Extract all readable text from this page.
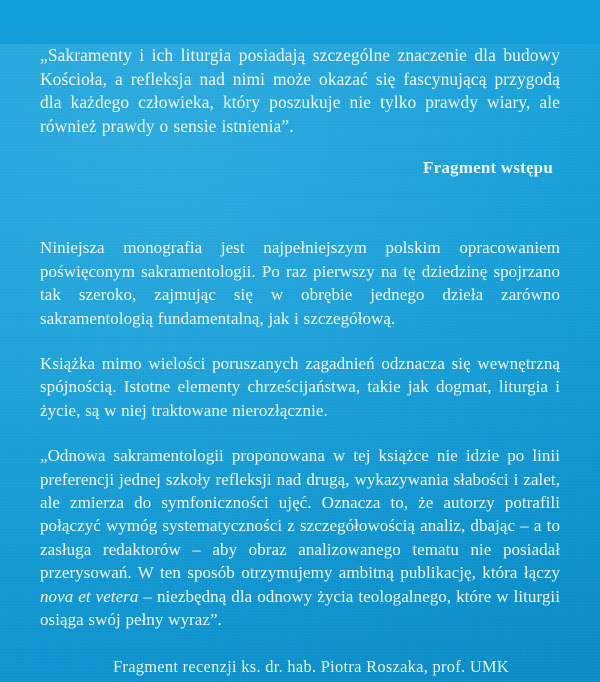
„Sakramenty i ich liturgia posiadają szczególne znaczenie dla budowy Kościoła, a refleksja nad nimi może okazać się fascynującą przygodą dla każdego człowieka, który poszukuje nie tylko prawdy wiary, ale również prawdy o sensie istnienia”.
Fragment wstępu

Niniejsza monografia jest najpełniejszym polskim opracowaniem poświęconym sakramentologii. Po raz pierwszy na tę dziedzinę spojrzano tak szeroko, zajmując się w obrębie jednego dzieła zarówno sakramentologią fundamentalną, jak i szczegółową.

Książka mimo wielości poruszanych zagadnień odznacza się wewnętrzną spójnością. Istotne elementy chrześcijaństwa, takie jak dogmat, liturgia i życie, są w niej traktowane nierozłącznie.

„Odnowa sakramentologii proponowana w tej książce nie idzie po linii preferencji jednej szkoły refleksji nad drugą, wykazywania słabości i zalet, ale zmierza do symfoniczności ujęć. Oznacza to, że autorzy potrafili połączyć wymóg systematyczności z szczegółowością analiz, dbając – a to zasługa redaktorów – aby obraz analizowanego tematu nie posiadał przerysowań. W ten sposób otrzymujemy ambitną publikację, która łączy nova et vetera – niezbędną dla odnowy życia teologalnego, które w liturgii osiąga swój pełny wyraz”.

Fragment recenzji ks. dr. hab. Piotra Roszaka, prof. UMK
